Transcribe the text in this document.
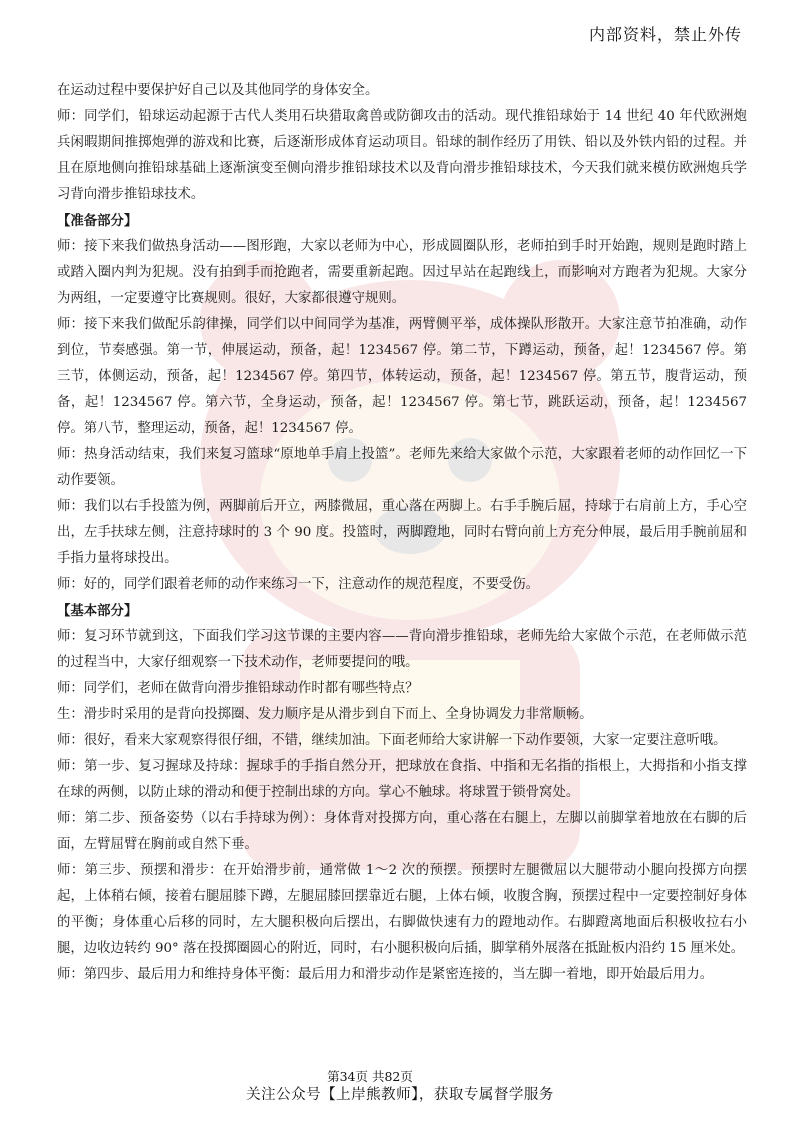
内部资料，禁止外传

在运动过程中要保护好自己以及其他同学的身体安全。

师：同学们，铅球运动起源于古代人类用石块猎取禽兽或防御攻击的活动。现代推铅球始于 14 世纪 40 年代欧洲炮兵闲暇期间推掷炮弹的游戏和比赛，后逐渐形成体育运动项目。铅球的制作经历了用铁、铅以及外铁内铅的过程。并且在原地侧向推铅球基础上逐渐演变至侧向滑步推铅球技术以及背向滑步推铅球技术，今天我们就来模仿欧洲炮兵学习背向滑步推铅球技术。

【准备部分】

师：接下来我们做热身活动——图形跑，大家以老师为中心，形成圆圈队形，老师拍到手时开始跑，规则是跑时踏上或踏入圈内判为犯规。没有拍到手而抢跑者，需要重新起跑。因过早站在起跑线上，而影响对方跑者为犯规。大家分为两组，一定要遵守比赛规则。很好，大家都很遵守规则。

师：接下来我们做配乐韵律操，同学们以中间同学为基准，两臂侧平举，成体操队形散开。大家注意节拍准确，动作到位，节奏感强。第一节，伸展运动，预备，起！1234567 停。第二节，下蹲运动，预备，起！1234567 停。第三节，体侧运动，预备，起！1234567 停。第四节，体转运动，预备，起！1234567 停。第五节，腹背运动，预备，起！1234567 停。第六节，全身运动，预备，起！1234567 停。第七节，跳跃运动，预备，起！1234567 停。第八节，整理运动，预备，起！1234567 停。

师：热身活动结束，我们来复习篮球“原地单手肩上投篮”。老师先来给大家做个示范，大家跟着老师的动作回忆一下动作要领。

师：我们以右手投篮为例，两脚前后开立，两膝微屈，重心落在两脚上。右手手腕后屈，持球于右肩前上方，手心空出，左手扶球左侧，注意持球时的 3 个 90 度。投篮时，两脚蹬地，同时右臂向前上方充分伸展，最后用手腕前屈和手指力量将球投出。

师：好的，同学们跟着老师的动作来练习一下，注意动作的规范程度，不要受伤。

【基本部分】

师：复习环节就到这，下面我们学习这节课的主要内容——背向滑步推铅球，老师先给大家做个示范，在老师做示范的过程当中，大家仔细观察一下技术动作，老师要提问的哦。

师：同学们，老师在做背向滑步推铅球动作时都有哪些特点？

生：滑步时采用的是背向投掷圈、发力顺序是从滑步到自下而上、全身协调发力非常顺畅。

师：很好，看来大家观察得很仔细，不错，继续加油。下面老师给大家讲解一下动作要领，大家一定要注意听哦。

师：第一步、复习握球及持球：握球手的手指自然分开，把球放在食指、中指和无名指的指根上，大拇指和小指支撑在球的两侧，以防止球的滑动和便于控制出球的方向。掌心不触球。将球置于锁骨窝处。

师：第二步、预备姿势（以右手持球为例）：身体背对投掷方向，重心落在右腿上，左脚以前脚掌着地放在右脚的后面，左臂屈臂在胸前或自然下垂。

师：第三步、预摆和滑步：在开始滑步前，通常做 1～2 次的预摆。预摆时左腿微屈以大腿带动小腿向投掷方向摆起，上体稍右倾，接着右腿屈膝下蹲，左腿屈膝回摆靠近右腿，上体右倾，收腹含胸，预摆过程中一定要控制好身体的平衡；身体重心后移的同时，左大腿积极向后摆出，右脚做快速有力的蹬地动作。右脚蹬离地面后积极收拉右小腿，边收边转约 90° 落在投掷圈圆心的附近，同时，右小腿积极向后插，脚掌稍外展落在抵趾板内沿约 15 厘米处。

师：第四步、最后用力和维持身体平衡：最后用力和滑步动作是紧密连接的，当左脚一着地，即开始最后用力。

第34页 共82页
关注公众号【上岸熊教师】，获取专属督学服务
